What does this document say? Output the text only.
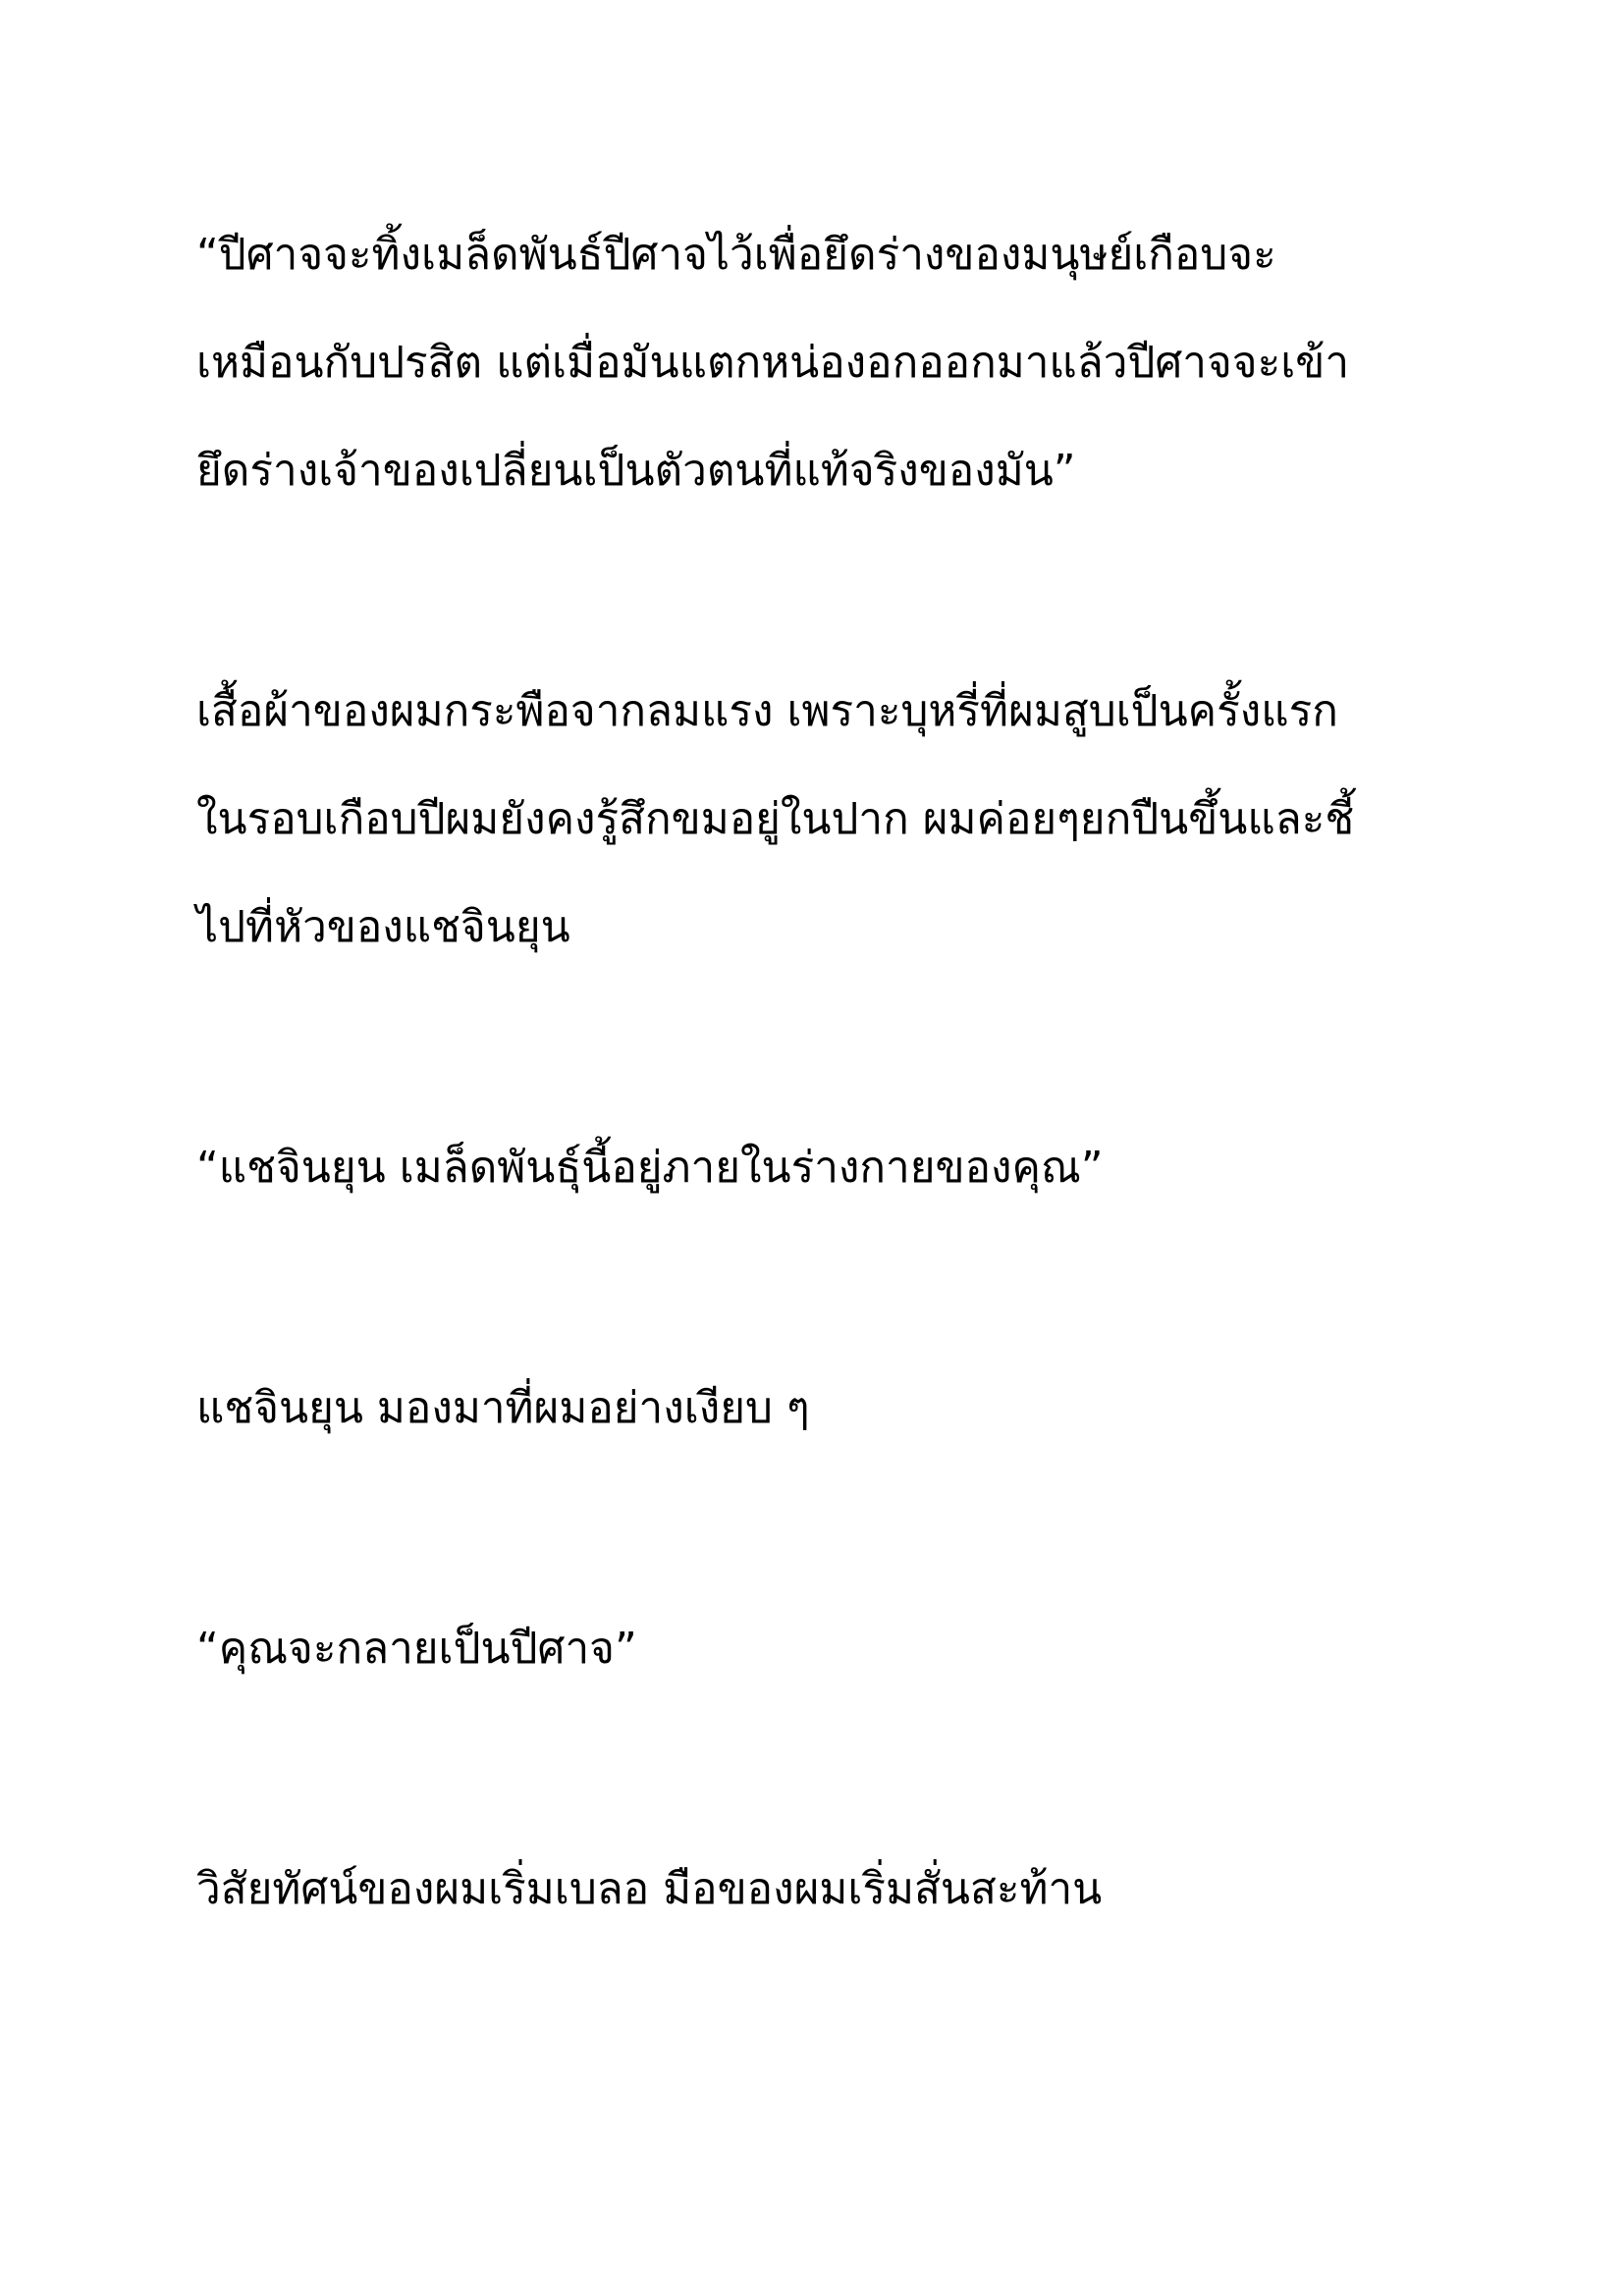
“ปีศาจจะทิ้งเมล็ดพันธ์ปีศาจไว้เพื่อยึดร่างของมนุษย์เกือบจะ
เหมือนกับปรสิต แต่เมื่อมันแตกหน่องอกออกมาแล้วปีศาจจะเข้า
ยึดร่างเจ้าของเปลี่ยนเป็นตัวตนที่แท้จริงของมัน”

เสื้อผ้าของผมกระพือจากลมแรง เพราะบุหรี่ที่ผมสูบเป็นครั้งแรก
ในรอบเกือบปีผมยังคงรู้สึกขมอยู่ในปาก ผมค่อยๆยกปืนขึ้นและชี้
ไปที่หัวของแชจินยุน

“แชจินยุน เมล็ดพันธุ์นี้อยู่ภายในร่างกายของคุณ”

แชจินยุน มองมาที่ผมอย่างเงียบ ๆ

“คุณจะกลายเป็นปีศาจ”

วิสัยทัศน์ของผมเริ่มเบลอ มือของผมเริ่มสั่นสะท้าน
